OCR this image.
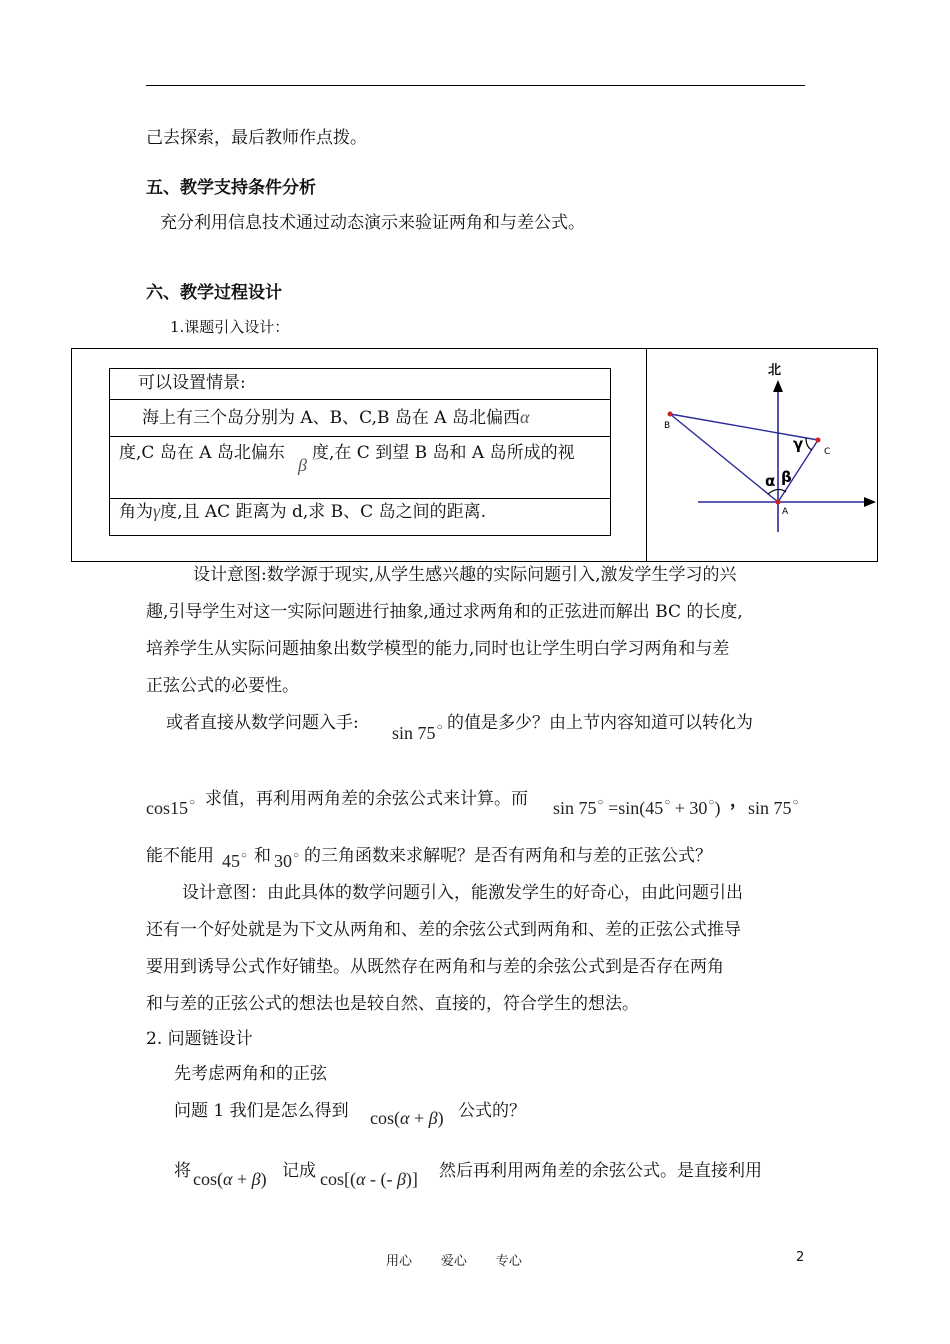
己去探索，最后教师作点拨。
五、教学支持条件分析
充分利用信息技术通过动态演示来验证两角和与差公式。
六、教学过程设计
1.课题引入设计：
可以设置情景:
海上有三个岛分别为 A、B、C,B 岛在 A 岛北偏西α
度,C 岛在 A 岛北偏东
β
度,在 C 到望 B 岛和 A 岛所成的视
角为γ度,且 AC 距离为 d,求 B、C 岛之间的距离.
北
B
C
A
α β
γ
设计意图:数学源于现实,从学生感兴趣的实际问题引入,激发学生学习的兴
趣,引导学生对这一实际问题进行抽象,通过求两角和的正弦进而解出 BC 的长度,
培养学生从实际问题抽象出数学模型的能力,同时也让学生明白学习两角和与差
正弦公式的必要性。
或者直接从数学问题入手: sin 75○ 的值是多少？由上节内容知道可以转化为
cos15○ 求值，再利用两角差的余弦公式来计算。而 sin 75○ =sin(45○ + 30○) ， sin 75○
能不能用 45○ 和 30○ 的三角函数来求解呢？是否有两角和与差的正弦公式？
设计意图：由此具体的数学问题引入，能激发学生的好奇心，由此问题引出
还有一个好处就是为下文从两角和、差的余弦公式到两角和、差的正弦公式推导
要用到诱导公式作好铺垫。从既然存在两角和与差的余弦公式到是否存在两角
和与差的正弦公式的想法也是较自然、直接的，符合学生的想法。
2. 问题链设计
先考虑两角和的正弦
问题 1 我们是怎么得到 cos(α + β) 公式的？
将 cos(α + β) 记成 cos[(α - (- β)] 然后再利用两角差的余弦公式。是直接利用
用心       爱心       专心	2
